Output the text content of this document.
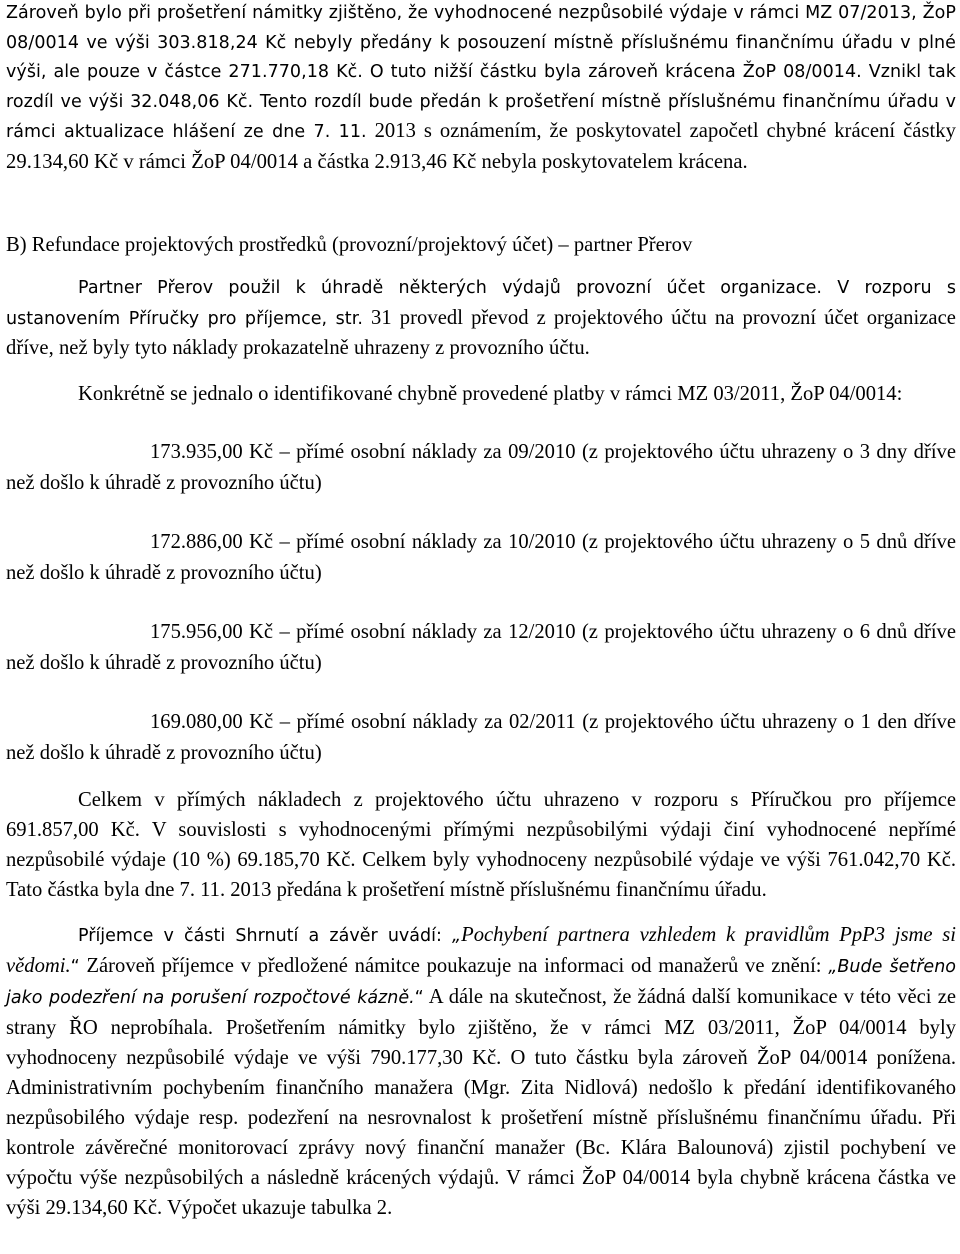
Zároveň bylo při prošetření námitky zjištěno, že vyhodnocené nezpůsobilé výdaje v rámci MZ 07/2013, ŽoP 08/0014 ve výši 303.818,24 Kč nebyly předány k posouzení místně příslušnému finančnímu úřadu v plné výši, ale pouze v částce 271.770,18 Kč. O tuto nižší částku byla zároveň krácena ŽoP 08/0014. Vznikl tak rozdíl ve výši 32.048,06 Kč. Tento rozdíl bude předán k prošetření místně příslušnému finančnímu úřadu v rámci aktualizace hlášení ze dne 7. 11. 2013 s oznámením, že poskytovatel započetl chybné krácení částky 29.134,60 Kč v rámci ŽoP 04/0014 a částka 2.913,46 Kč nebyla poskytovatelem krácena.

B) Refundace projektových prostředků (provozní/projektový účet) – partner Přerov

Partner Přerov použil k úhradě některých výdajů provozní účet organizace. V rozporu s ustanovením Příručky pro příjemce, str. 31 provedl převod z projektového účtu na provozní účet organizace dříve, než byly tyto náklady prokazatelně uhrazeny z provozního účtu.

Konkrétně se jednalo o identifikované chybně provedené platby v rámci MZ 03/2011, ŽoP 04/0014:

173.935,00 Kč – přímé osobní náklady za 09/2010 (z projektového účtu uhrazeny o 3 dny dříve než došlo k úhradě z provozního účtu)

172.886,00 Kč – přímé osobní náklady za 10/2010 (z projektového účtu uhrazeny o 5 dnů dříve než došlo k úhradě z provozního účtu)

175.956,00 Kč – přímé osobní náklady za 12/2010 (z projektového účtu uhrazeny o 6 dnů dříve než došlo k úhradě z provozního účtu)

169.080,00 Kč – přímé osobní náklady za 02/2011 (z projektového účtu uhrazeny o 1 den dříve než došlo k úhradě z provozního účtu)

Celkem v přímých nákladech z projektového účtu uhrazeno v rozporu s Příručkou pro příjemce 691.857,00 Kč. V souvislosti s vyhodnocenými přímými nezpůsobilými výdaji činí vyhodnocené nepřímé nezpůsobilé výdaje (10 %) 69.185,70 Kč. Celkem byly vyhodnoceny nezpůsobilé výdaje ve výši 761.042,70 Kč. Tato částka byla dne 7. 11. 2013 předána k prošetření místně příslušnému finančnímu úřadu.

Příjemce v části Shrnutí a závěr uvádí: „Pochybení partnera vzhledem k pravidlům PpP3 jsme si vědomi.“ Zároveň příjemce v předložené námitce poukazuje na informaci od manažerů ve znění: „Bude šetřeno jako podezření na porušení rozpočtové kázně.“ A dále na skutečnost, že žádná další komunikace v této věci ze strany ŘO neprobíhala. Prošetřením námitky bylo zjištěno, že v rámci MZ 03/2011, ŽoP 04/0014 byly vyhodnoceny nezpůsobilé výdaje ve výši 790.177,30 Kč. O tuto částku byla zároveň ŽoP 04/0014 ponížena. Administrativním pochybením finančního manažera (Mgr. Zita Nidlová) nedošlo k předání identifikovaného nezpůsobilého výdaje resp. podezření na nesrovnalost k prošetření místně příslušnému finančnímu úřadu. Při kontrole závěrečné monitorovací zprávy nový finanční manažer (Bc. Klára Balounová) zjistil pochybení ve výpočtu výše nezpůsobilých a následně krácených výdajů. V rámci ŽoP 04/0014 byla chybně krácena částka ve výši 29.134,60 Kč. Výpočet ukazuje tabulka 2.
